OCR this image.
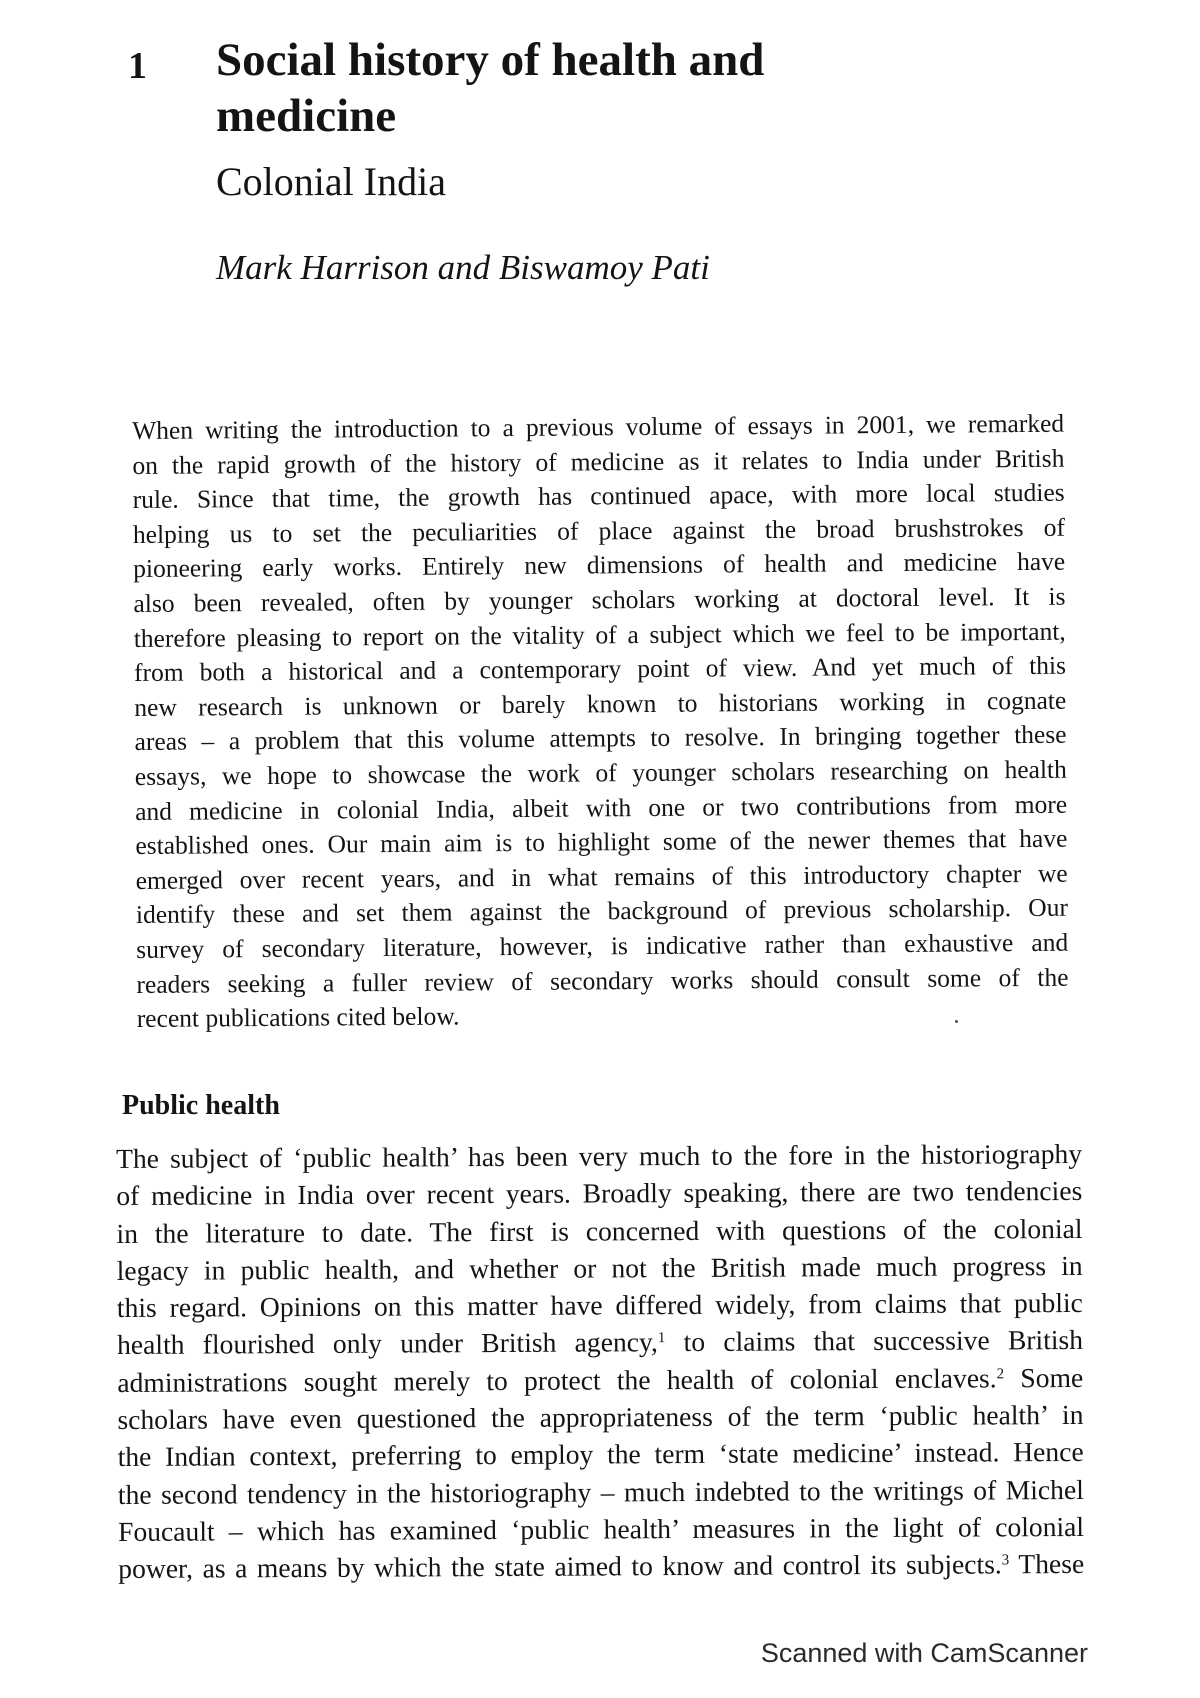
1 Social history of health and medicine
Colonial India
Mark Harrison and Biswamoy Pati

When writing the introduction to a previous volume of essays in 2001, we remarked
on the rapid growth of the history of medicine as it relates to India under British
rule. Since that time, the growth has continued apace, with more local studies
helping us to set the peculiarities of place against the broad brushstrokes of
pioneering early works. Entirely new dimensions of health and medicine have
also been revealed, often by younger scholars working at doctoral level. It is
therefore pleasing to report on the vitality of a subject which we feel to be important,
from both a historical and a contemporary point of view. And yet much of this
new research is unknown or barely known to historians working in cognate
areas – a problem that this volume attempts to resolve. In bringing together these
essays, we hope to showcase the work of younger scholars researching on health
and medicine in colonial India, albeit with one or two contributions from more
established ones. Our main aim is to highlight some of the newer themes that have
emerged over recent years, and in what remains of this introductory chapter we
identify these and set them against the background of previous scholarship. Our
survey of secondary literature, however, is indicative rather than exhaustive and
readers seeking a fuller review of secondary works should consult some of the
recent publications cited below.

Public health

The subject of ‘public health’ has been very much to the fore in the historiography
of medicine in India over recent years. Broadly speaking, there are two tendencies
in the literature to date. The first is concerned with questions of the colonial
legacy in public health, and whether or not the British made much progress in
this regard. Opinions on this matter have differed widely, from claims that public
health flourished only under British agency,$^1$ to claims that successive British
administrations sought merely to protect the health of colonial enclaves.$^2$ Some
scholars have even questioned the appropriateness of the term ‘public health’ in
the Indian context, preferring to employ the term ‘state medicine’ instead. Hence
the second tendency in the historiography – much indebted to the writings of Michel
Foucault – which has examined ‘public health’ measures in the light of colonial
power, as a means by which the state aimed to know and control its subjects.$^3$ These

Scanned with CamScanner
